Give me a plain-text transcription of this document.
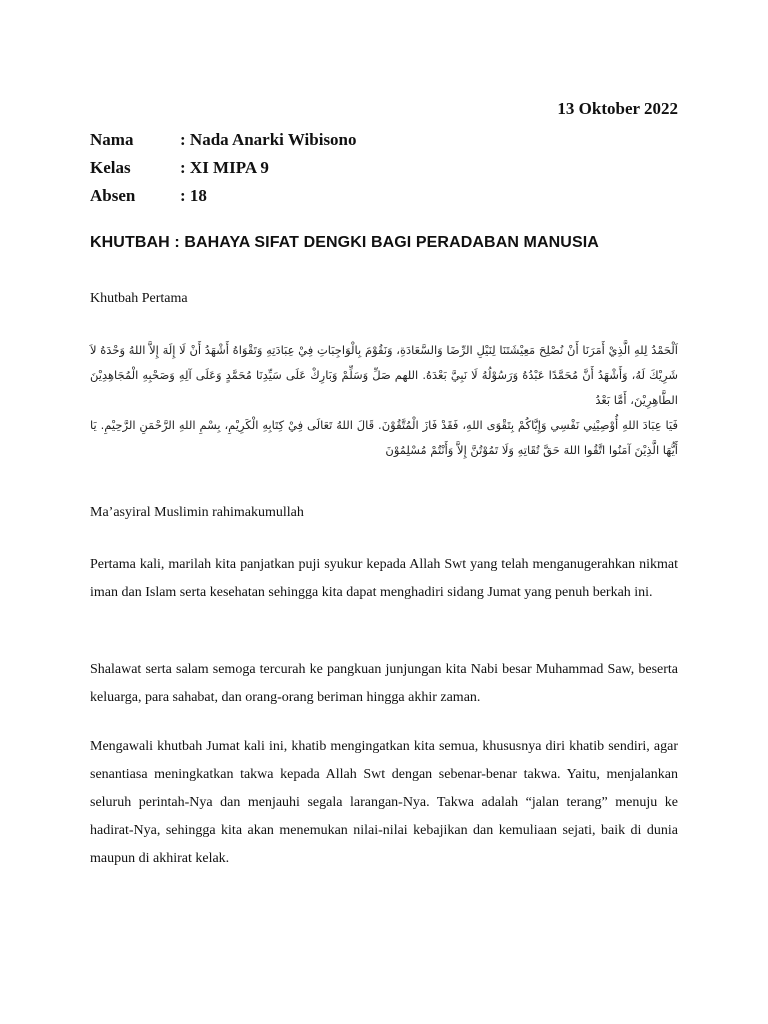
13 Oktober 2022
Nama	: Nada Anarki Wibisono
Kelas	: XI MIPA 9
Absen	: 18
KHUTBAH : BAHAYA SIFAT DENGKI BAGI PERADABAN MANUSIA
Khutbah Pertama

اَلْحَمْدُ لِلهِ الَّذِيْ أَمَرَنَا أَنْ نُصْلِحَ مَعِيْشَتَنَا لِنَيْلِ الرِّضَا وَالسَّعَادَةِ، وَنَقُوْمَ بِالْوَاجِبَاتِ فِيْ عِبَادَتِهِ وَتَقْوَاهُ أَشْهَدُ أَنْ لَا إِلَهَ إِلاَّ اللهُ وَحْدَهُ لاَ شَرِيْكَ لَهُ، وَأَشْهَدُ أَنَّ مُحَمَّدًا عَبْدُهُ وَرَسُوْلُهُ لَا نَبِيَّ بَعْدَهُ. اللهم صَلِّ وَسَلِّمْ وَبَارِكْ عَلَى سَيِّدِنَا مُحَمَّدٍ وَعَلَى آلِهِ وَصَحْبِهِ الْمُجَاهِدِيْنَ الطَّاهِرِيْنَ، أَمَّا بَعْدُ

فَيَا عِبَادَ اللهِ أُوْصِيْنِي نَفْسِي وَإِيَّاكُمْ بِتَقْوَى اللهِ، فَقَدْ فَازَ الْمُتَّقُوْنَ. قَالَ اللهُ تَعَالَى فِيْ كِتَابِهِ الْكَرِيْمِ، بِسْمِ اللهِ الرَّحْمَنِ الرَّحِيْمِ. يَا أَيُّهَا الَّذِيْنَ آمَنُوا اتَّقُوا اللهَ حَقَّ تُقَاتِهِ وَلَا تَمُوْتُنَّ إِلاَّ وَأَنْتُمْ مُسْلِمُوْنَ

Ma’asyiral Muslimin rahimakumullah

Pertama kali, marilah kita panjatkan puji syukur kepada Allah Swt yang telah menganugerahkan nikmat iman dan Islam serta kesehatan sehingga kita dapat menghadiri sidang Jumat yang penuh berkah ini.

Shalawat serta salam semoga tercurah ke pangkuan junjungan kita Nabi besar Muhammad Saw, beserta keluarga, para sahabat, dan orang-orang beriman hingga akhir zaman.

Mengawali khutbah Jumat kali ini, khatib mengingatkan kita semua, khususnya diri khatib sendiri, agar senantiasa meningkatkan takwa kepada Allah Swt dengan sebenar-benar takwa. Yaitu, menjalankan seluruh perintah-Nya dan menjauhi segala larangan-Nya. Takwa adalah “jalan terang” menuju ke hadirat-Nya, sehingga kita akan menemukan nilai-nilai kebajikan dan kemuliaan sejati, baik di dunia maupun di akhirat kelak.
